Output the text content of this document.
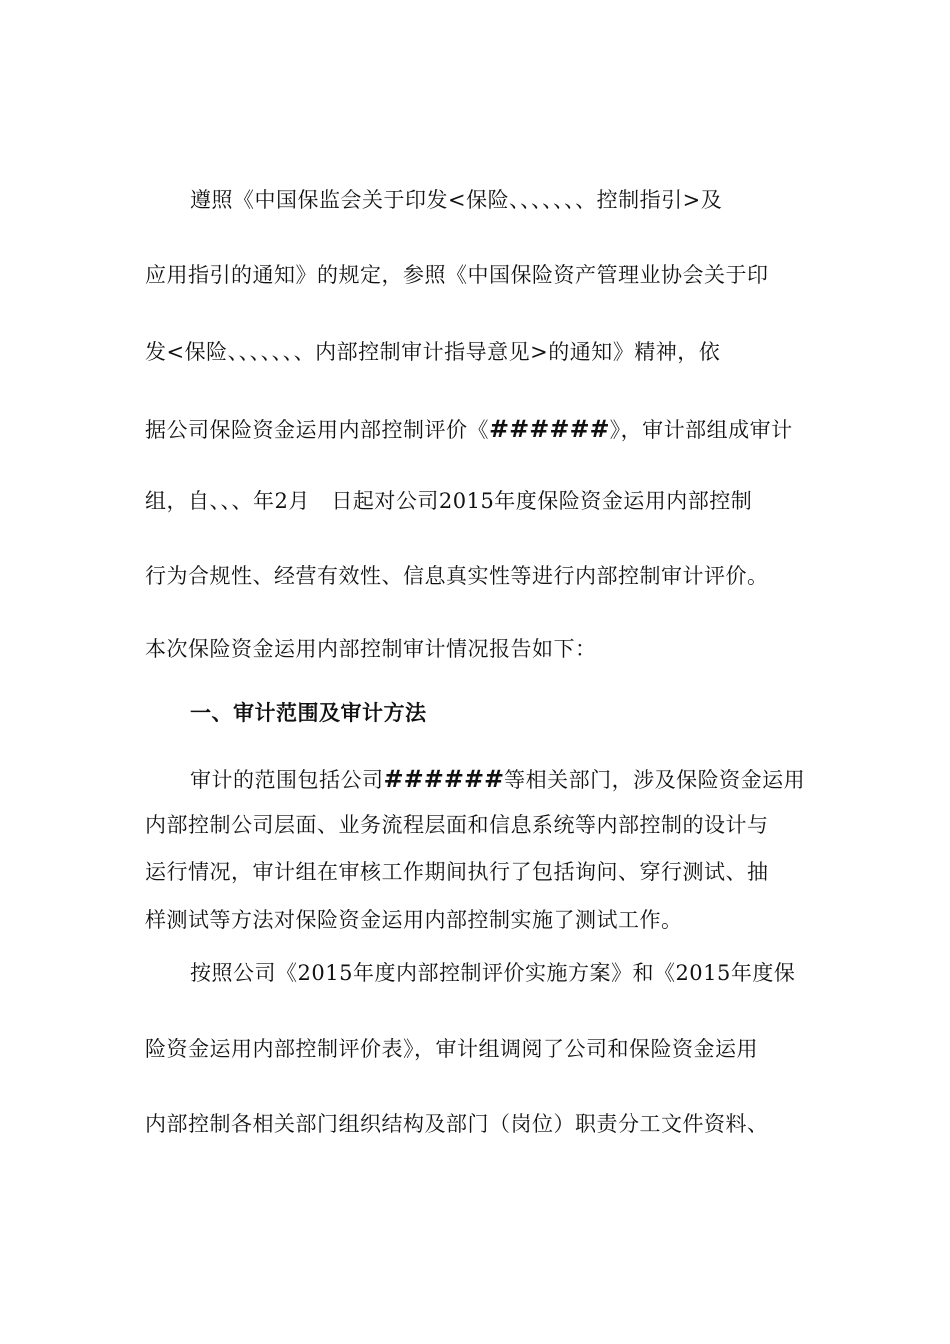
遵照《中国保监会关于印发<保险、、、、、、、控制指引>及
应用指引的通知》的规定，参照《中国保险资产管理业协会关于印
发<保险、、、、、、、内部控制审计指导意见>的通知》精神，依
据公司保险资金运用内部控制评价《######》，审计部组成审计
组，自、、、年2月　日起对公司2015年度保险资金运用内部控制
行为合规性、经营有效性、信息真实性等进行内部控制审计评价。
本次保险资金运用内部控制审计情况报告如下：
一、审计范围及审计方法
审计的范围包括公司######等相关部门，涉及保险资金运用
内部控制公司层面、业务流程层面和信息系统等内部控制的设计与
运行情况，审计组在审核工作期间执行了包括询问、穿行测试、抽
样测试等方法对保险资金运用内部控制实施了测试工作。
按照公司《2015年度内部控制评价实施方案》和《2015年度保
险资金运用内部控制评价表》，审计组调阅了公司和保险资金运用
内部控制各相关部门组织结构及部门（岗位）职责分工文件资料、
